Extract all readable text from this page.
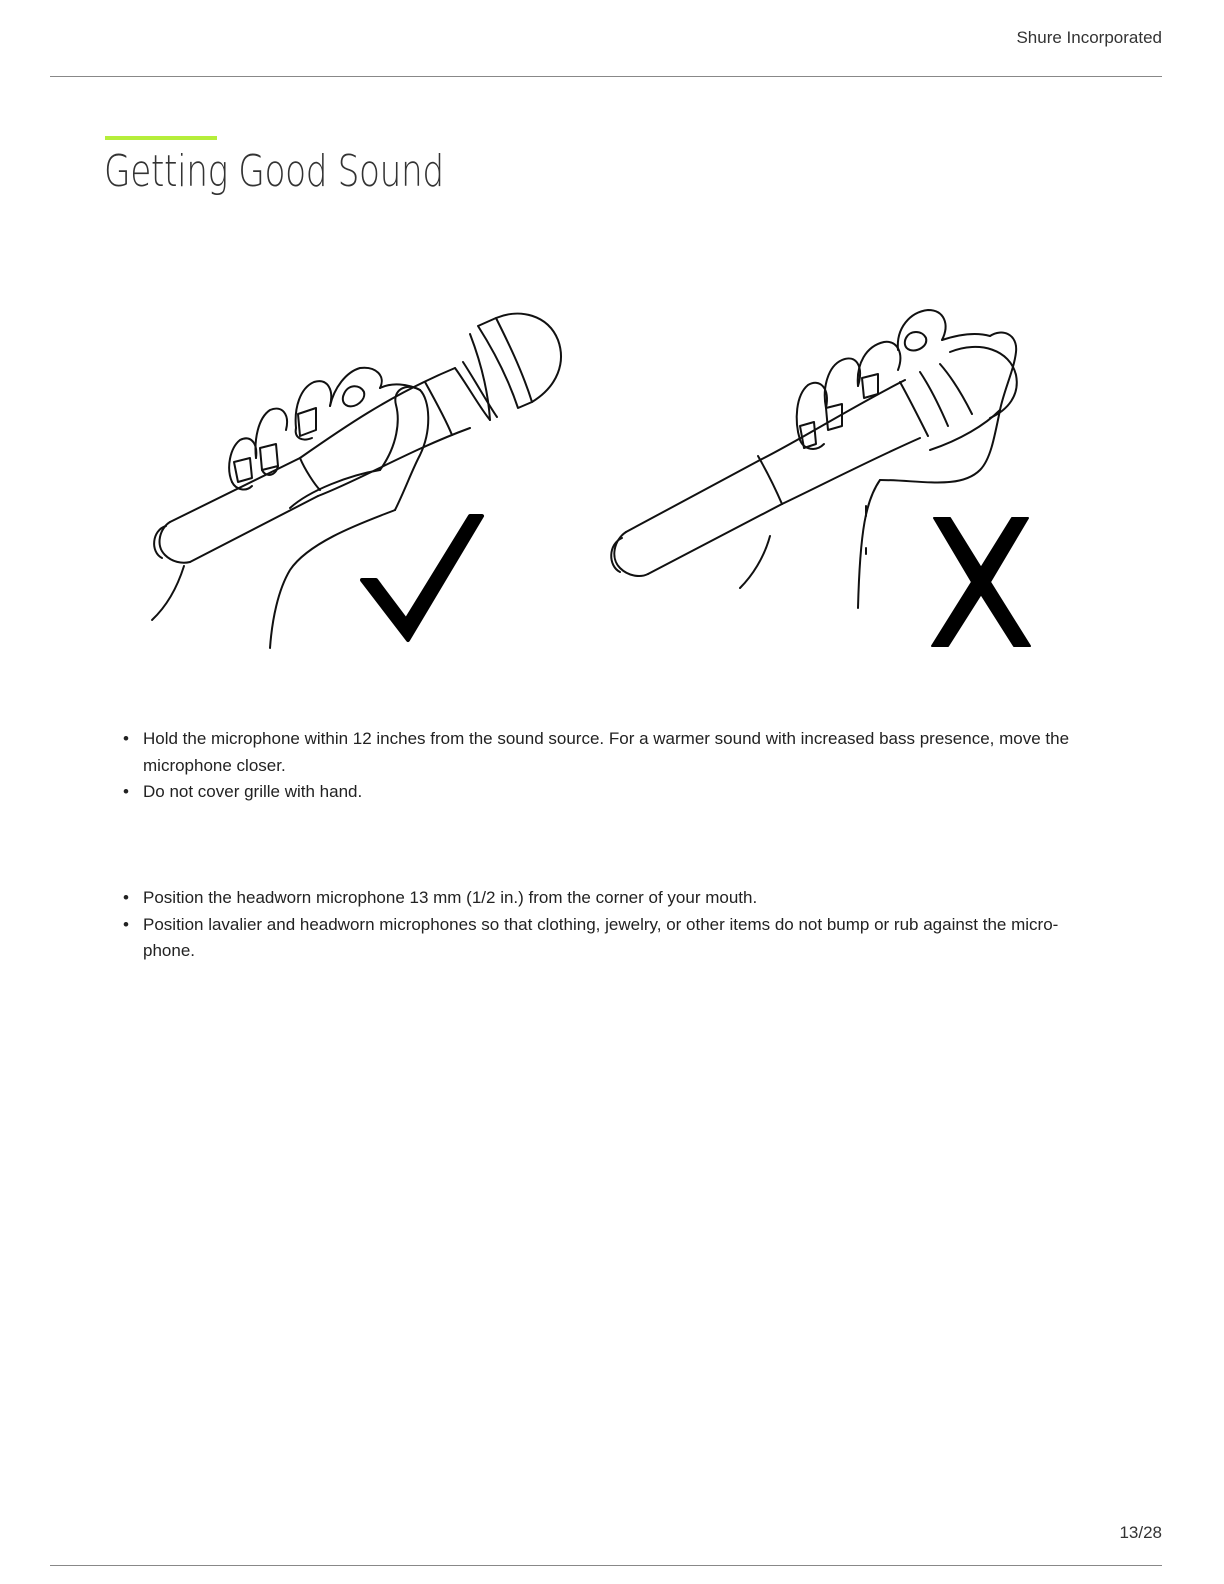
Shure Incorporated
Getting Good Sound
• Hold the microphone within 12 inches from the sound source. For a warmer sound with increased bass presence, move the microphone closer.
• Do not cover grille with hand.
• Position the headworn microphone 13 mm (1/2 in.) from the corner of your mouth.
• Position lavalier and headworn microphones so that clothing, jewelry, or other items do not bump or rub against the micro-phone.
13/28
